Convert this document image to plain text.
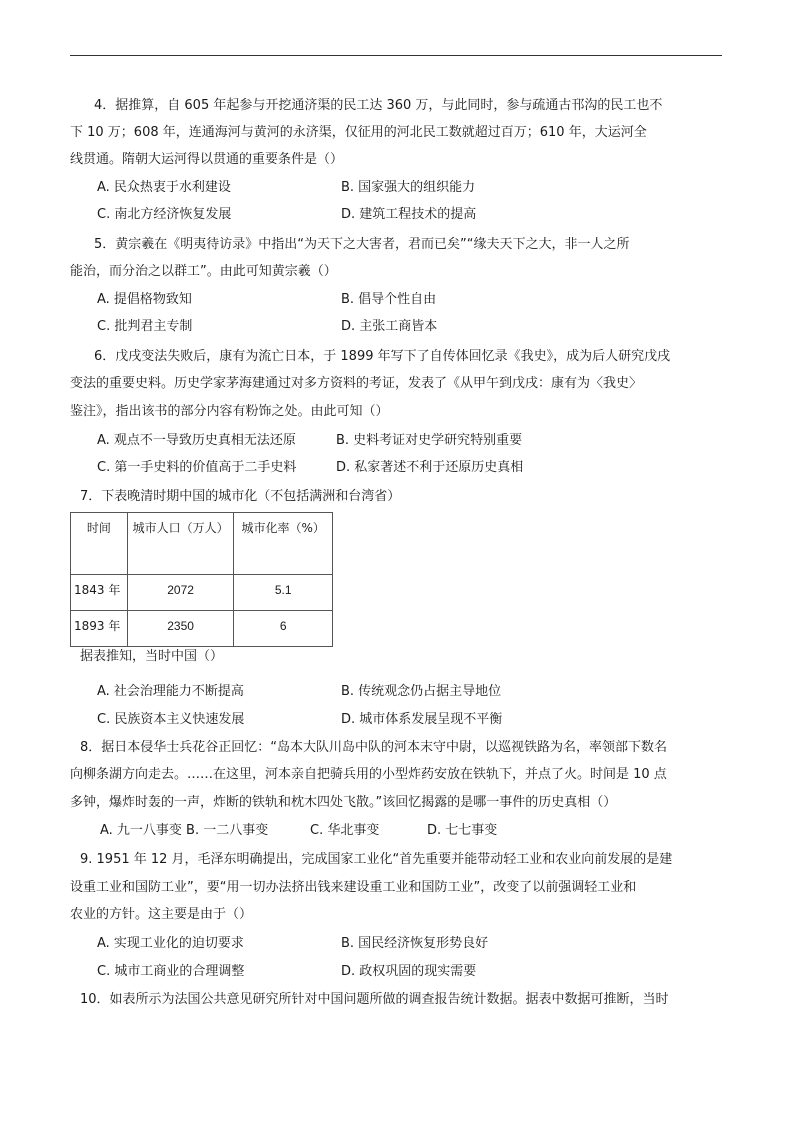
4．据推算，自 605 年起参与开挖通济渠的民工达 360 万，与此同时，参与疏通古邗沟的民工也不
下 10 万；608 年，连通海河与黄河的永济渠，仅征用的河北民工数就超过百万；610 年，大运河全
线贯通。隋朝大运河得以贯通的重要条件是（）
A. 民众热衷于水利建设	B. 国家强大的组织能力
C. 南北方经济恢复发展	D. 建筑工程技术的提高
5．黄宗羲在《明夷待访录》中指出“为天下之大害者，君而已矣”“缘夫天下之大，非一人之所
能治，而分治之以群工”。由此可知黄宗羲（）
A. 提倡格物致知	B. 倡导个性自由
C. 批判君主专制	D. 主张工商皆本
6．戊戌变法失败后，康有为流亡日本，于 1899 年写下了自传体回忆录《我史》，成为后人研究戊戌
变法的重要史料。历史学家茅海建通过对多方资料的考证，发表了《从甲午到戊戌：康有为〈我史〉
鉴注》，指出该书的部分内容有粉饰之处。由此可知（）
A. 观点不一导致历史真相无法还原	B. 史料考证对史学研究特别重要
C. 第一手史料的价值高于二手史料	D. 私家著述不利于还原历史真相
7．下表晚清时期中国的城市化（不包括满洲和台湾省）
时间	城市人口（万人）	城市化率（%）
1843 年	2072	5.1
1893 年	2350	6
据表推知，当时中国（）
A. 社会治理能力不断提高	B. 传统观念仍占据主导地位
C. 民族资本主义快速发展	D. 城市体系发展呈现不平衡
8．据日本侵华士兵花谷正回忆：“岛本大队川岛中队的河本末守中尉，以巡视铁路为名，率领部下数名
向柳条湖方向走去。……在这里，河本亲自把骑兵用的小型炸药安放在铁轨下，并点了火。时间是 10 点
多钟，爆炸时轰的一声，炸断的铁轨和枕木四处飞散。”该回忆揭露的是哪一事件的历史真相（）
A. 九一八事变 B. 一二八事变	C. 华北事变	D. 七七事变
9. 1951 年 12 月，毛泽东明确提出，完成国家工业化“首先重要并能带动轻工业和农业向前发展的是建
设重工业和国防工业”，要“用一切办法挤出钱来建设重工业和国防工业”，改变了以前强调轻工业和
农业的方针。这主要是由于（）
A. 实现工业化的迫切要求	B. 国民经济恢复形势良好
C. 城市工商业的合理调整	D. 政权巩固的现实需要
10．如表所示为法国公共意见研究所针对中国问题所做的调查报告统计数据。据表中数据可推断，当时
